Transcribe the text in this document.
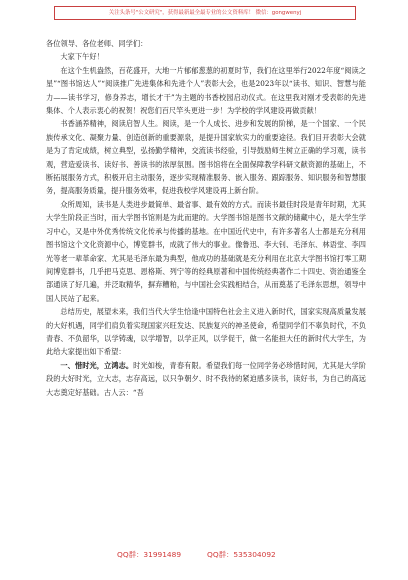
关注头条号"公文研究"，获得最新最全最专业的公文资料库！ 微信：gongwenyj

各位领导、各位老师、同学们：

大家下午好！

在这个生机盎然，百花盛开，大地一片郁郁葱葱的初夏时节，我们在这里举行2022年度“阅读之星”“图书馆达人”“阅读推广先进集体和先进个人”表彰大会，也是2023年以“读书、知识、智慧与能力——读书学习，修身养志，增长才干”为主题的书香校园启动仪式。在这里我对刚才受表彰的先进集体、个人表示衷心的祝贺！祝您们百尺竿头更进一步！为学校的学风建设再做贡献！

书香涵养精神，阅读启智人生。阅读，是一个人成长、进步和发展的阶梯，是一个国家、一个民族传承文化、凝聚力量、创造创新的重要源泉，是提升国家软实力的重要途径。我们目开表彰大会就是为了肯定成绩，树立典型，弘扬勤学精神，交流读书经验，引导鼓励师生树立正确的学习观，读书观，营造爱读书、读好书、善读书的浓厚氛围。图书馆将在全面保障教学科研文献资源的基础上，不断拓展服务方式，积极开启主动服务，逐步实现精准服务、嵌入服务、跟踪服务、知识服务和智慧服务，提高服务质量，提升服务效率，促进我校学风建设再上新台阶。

众所周知，读书是人类进步最简单、最省事、最有效的方式。而读书最佳时段是青年时期，尤其大学生阶段正当时，而大学图书馆则是为此而建的。大学图书馆是图书文献的储藏中心，是大学生学习中心，又是中外优秀传统文化传承与传播的基地。在中国近代史中，有许多著名人士都是充分利用图书馆这个文化资源中心，博览群书，成就了伟大的事业。像鲁迅、李大钊、毛泽东、林语堂、李四光等老一辈革命家、尤其是毛泽东最为典型，他成功的基础就是充分利用在北京大学图书馆打零工期间博览群书，几乎把马克思、恩格斯、列宁等的经典原著和中国传统经典著作二十四史、资治通鉴全部通读了好几遍，并泛取精华，摒弃糟粕，与中国社会实践相结合，从而奠基了毛泽东思想，领导中国人民站了起来。

总结历史，展望未来，我们当代大学生恰逢中国特色社会主义进入新时代，国家实现高质量发展的大好机遇，同学们肩负着实现国家兴旺发达、民族复兴的神圣使命，希望同学们不辜负时代，不负青春、不负韶华，以学铸魂，以学增智，以学正风，以学促干，做一名能担大任的新时代大学生，为此给大家提出如下希望：

一、惜时光，立鸿志。时光如梭，青春有限。希望我们每一位同学务必珍惜时间，尤其是大学阶段的大好时光，立大志，志存高远，以只争朝夕、时不我待的紧迫感多读书，读好书，为自己的高远大志奠定好基础。古人云：“吾

QQ群：31991489	QQ群：535304092
